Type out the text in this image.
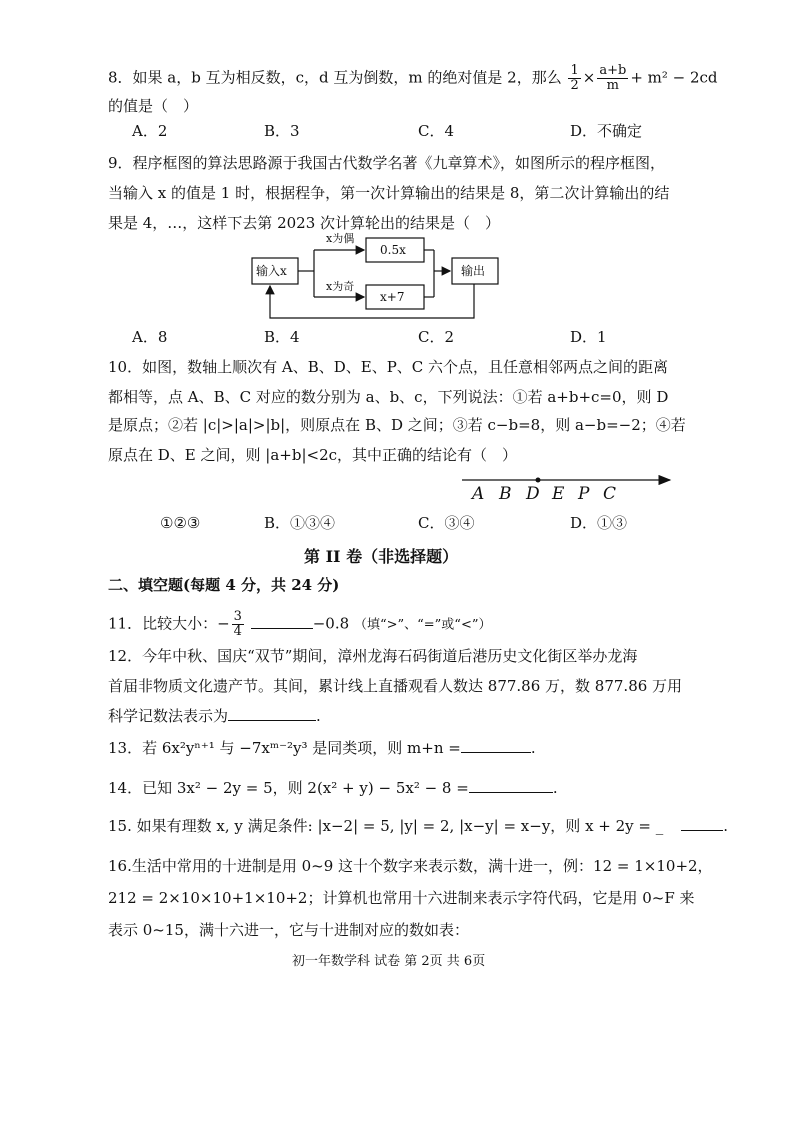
8．如果 a，b 互为相反数，c，d 互为倒数，m 的绝对值是 2，那么 $\frac{1}{2} \times \frac{a+b}{m} + m^2 - 2cd$
的值是（　）
A．2	B．3	C．4	D．不确定
9．程序框图的算法思路源于我国古代数学名著《九章算术》，如图所示的程序框图，
当输入 x 的值是 1 时，根据程争，第一次计算输出的结果是 8，第二次计算输出的结
果是 4，…，这样下去第 2023 次计算轮出的结果是（　）
输入x
x为偶
0.5x
x为奇
x+7
输出
A．8	B．4	C．2	D．1
10．如图，数轴上顺次有 A、B、D、E、P、C 六个点，且任意相邻两点之间的距离
都相等，点 A、B、C 对应的数分别为 a、b、c，下列说法：①若 a+b+c=0，则 D
是原点；②若 |c|>|a|>|b|，则原点在 B、D 之间；③若 c−b=8，则 a−b=−2；④若
原点在 D、E 之间，则 |a+b|<2c，其中正确的结论有（　）
A B D E P C
①②③	B．①③④	C．③④	D．①③
第 II 卷（非选择题）
二、填空题(每题 4 分，共 24 分)
11．比较大小：− $\frac{3}{4}$	−0.8 （填“>”、“=”或“<”）
12．今年中秋、国庆“双节”期间，漳州龙海石码街道后港历史文化街区举办龙海
首届非物质文化遗产节。其间，累计线上直播观看人数达 877.86 万，数 877.86 万用
科学记数法表示为	.
13．若 6x²yⁿ⁺¹ 与 −7xᵐ⁻²y³ 是同类项，则 m+n =	.
14．已知 3x² − 2y = 5，则 2(x² + y) − 5x² − 8 =	.
15. 如果有理数 x, y 满足条件: |x−2| = 5, |y| = 2, |x−y| = x−y，则 x + 2y = _	.
16.生活中常用的十进制是用 0~9 这十个数字来表示数，满十进一，例：12 = 1×10+2，
212 = 2×10×10+1×10+2；计算机也常用十六进制来表示字符代码，它是用 0~F 来
表示 0~15，满十六进一，它与十进制对应的数如表：
初一年数学科 试卷 第 2页 共 6页
